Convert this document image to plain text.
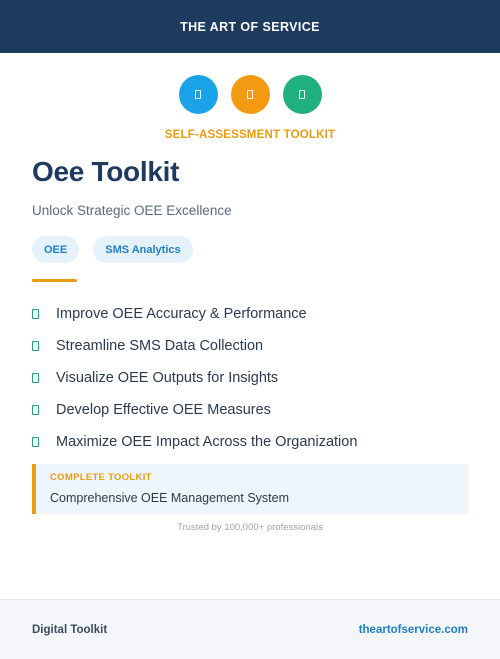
THE ART OF SERVICE
SELF-ASSESSMENT TOOLKIT
Oee Toolkit
Unlock Strategic OEE Excellence
OEE	SMS Analytics
Improve OEE Accuracy & Performance
Streamline SMS Data Collection
Visualize OEE Outputs for Insights
Develop Effective OEE Measures
Maximize OEE Impact Across the Organization
COMPLETE TOOLKIT
Comprehensive OEE Management System
Trusted by 100,000+ professionals
Digital Toolkit	theartofservice.com
